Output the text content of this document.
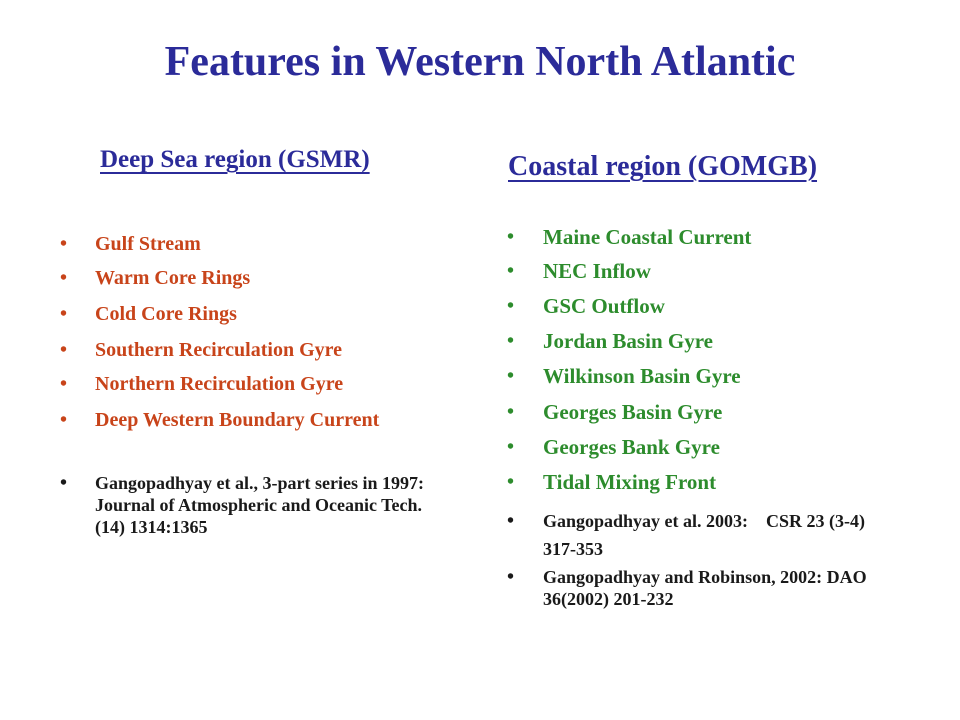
Features in Western North Atlantic
Deep Sea region (GSMR)	Coastal region (GOMGB)
• Gulf Stream
• Warm Core Rings
• Cold Core Rings
• Southern Recirculation Gyre
• Northern Recirculation Gyre
• Deep Western Boundary Current
• Gangopadhyay et al., 3-part series in 1997: Journal of Atmospheric and Oceanic Tech. (14) 1314:1365
• Maine Coastal Current
• NEC Inflow
• GSC Outflow
• Jordan Basin Gyre
• Wilkinson Basin Gyre
• Georges Basin Gyre
• Georges Bank Gyre
• Tidal Mixing Front
• Gangopadhyay et al. 2003:    CSR 23 (3-4) 317-353
• Gangopadhyay and Robinson, 2002: DAO 36(2002) 201-232
